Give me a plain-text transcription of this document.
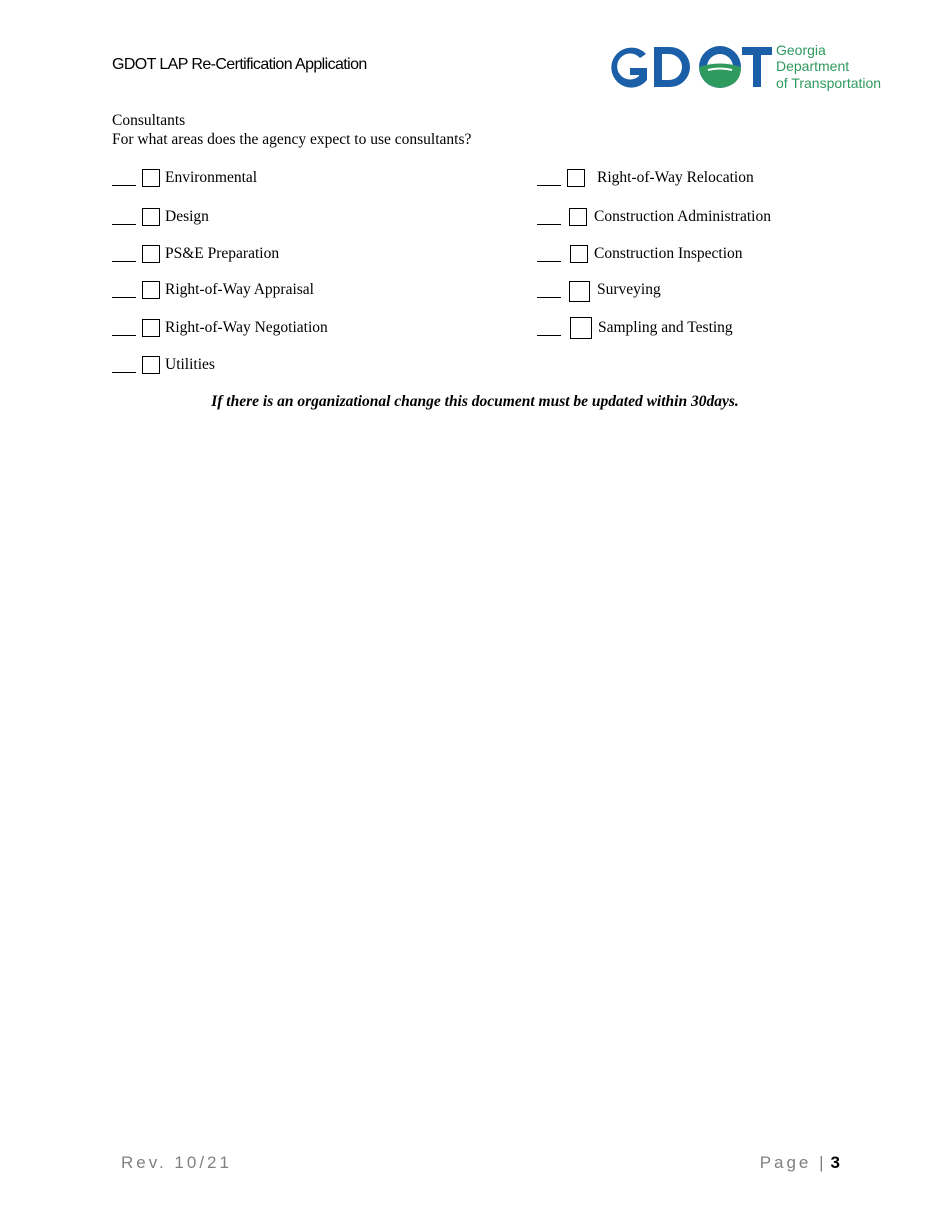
GDOT LAP Re-Certification Application
Georgia
Department
of Transportation
Consultants
For what areas does the agency expect to use consultants?
Environmental
Design
PS&E Preparation
Right-of-Way Appraisal
Right-of-Way Negotiation
Utilities
Right-of-Way Relocation
Construction Administration
Construction Inspection
Surveying
Sampling and Testing
If there is an organizational change this document must be updated within 30days.
Rev. 10/21	Page | 3
